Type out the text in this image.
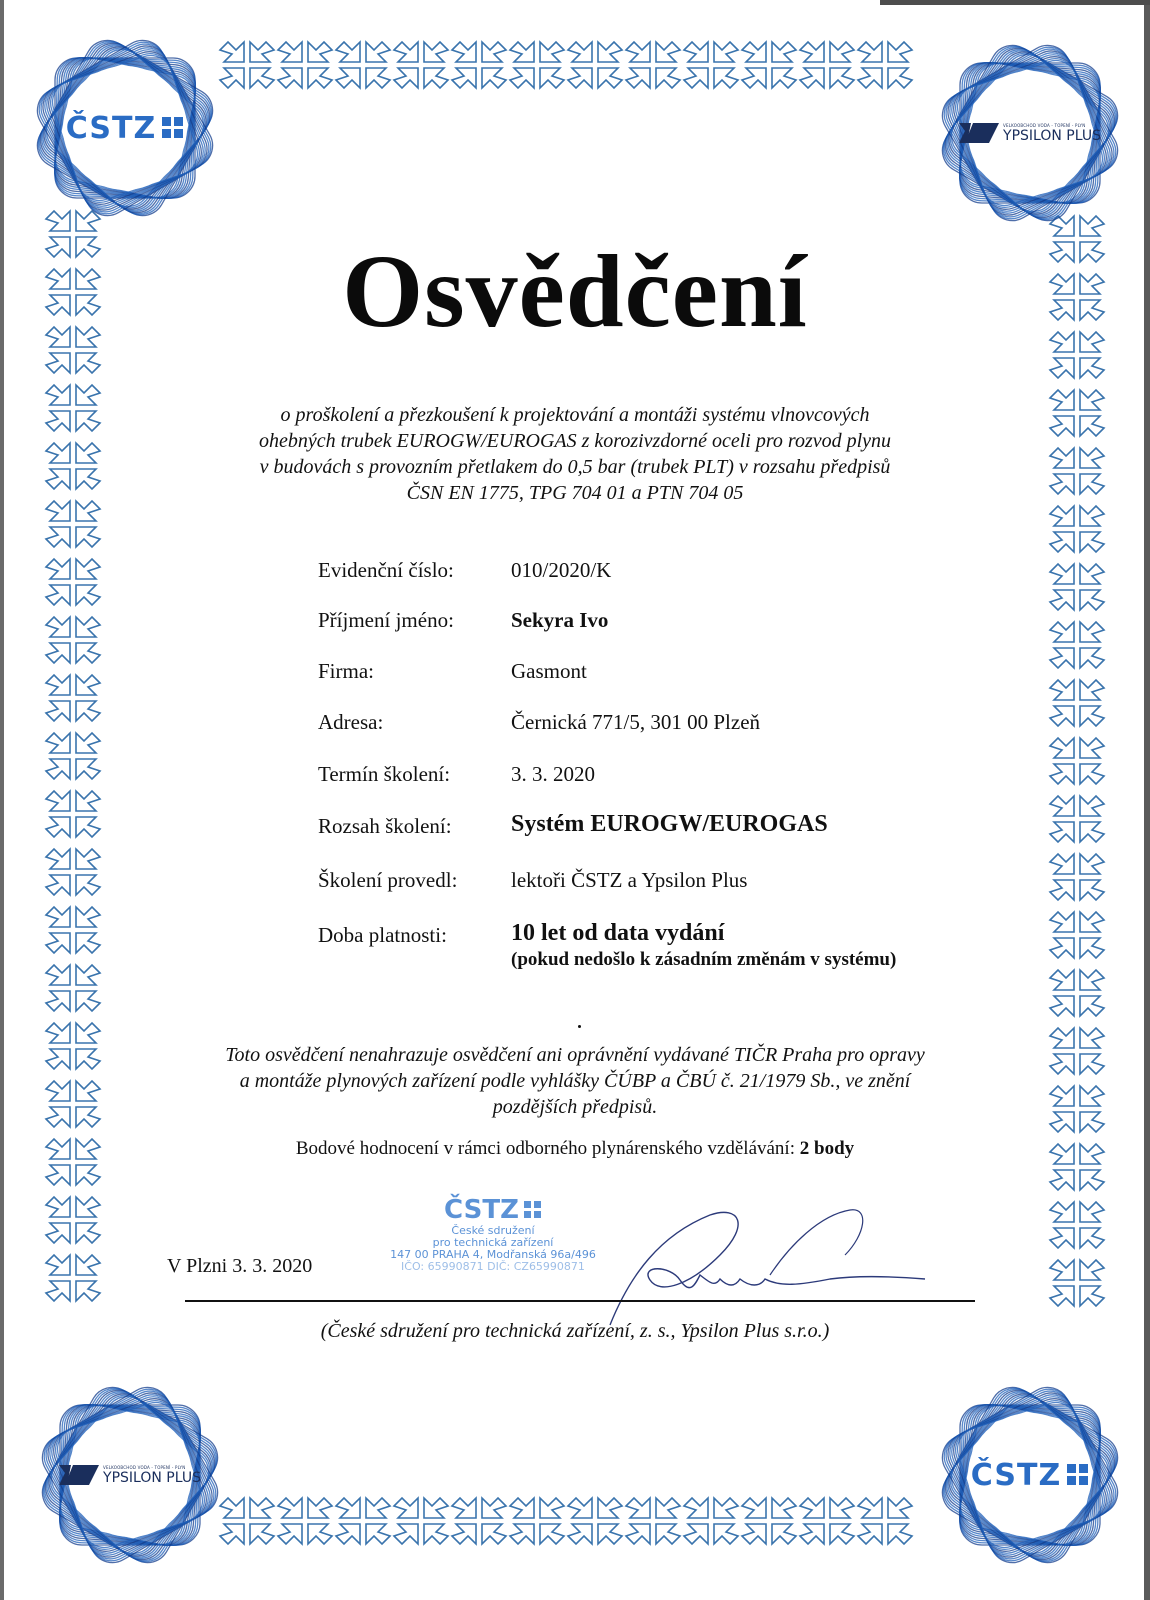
ČSTZ	VELKOOBCHOD VODA - TOPENÍ - PLYN
YPSILON PLUS
VELKOOBCHOD VODA - TOPENÍ - PLYN
YPSILON PLUS	ČSTZ
Osvědčení
o proškolení a přezkoušení k projektování a montáži systému vlnovcových
ohebných trubek EUROGW/EUROGAS z korozivzdorné oceli pro rozvod plynu
v budovách s provozním přetlakem do 0,5 bar (trubek PLT) v rozsahu předpisů
ČSN EN 1775, TPG 704 01 a PTN 704 05
Evidenční číslo:	010/2020/K
Příjmení jméno:	Sekyra Ivo
Firma:	Gasmont
Adresa:	Černická 771/5, 301 00 Plzeň
Termín školení:	3. 3. 2020
Rozsah školení: Systém EUROGW/EUROGAS
Školení provedl:	lektoři ČSTZ a Ypsilon Plus
Doba platnosti:	10 let od data vydání
(pokud nedošlo k zásadním změnám v systému)
Toto osvědčení nenahrazuje osvědčení ani oprávnění vydávané TIČR Praha pro opravy
a montáže plynových zařízení podle vyhlášky ČÚBP a ČBÚ č. 21/1979 Sb., ve znění
pozdějších předpisů.
Bodové hodnocení v rámci odborného plynárenského vzdělávání: 2 body
V Plzni 3. 3. 2020
ČSTZ
České sdružení
pro technická zařízení
147 00 PRAHA 4, Modřanská 96a/496
IČO: 65990871 DIČ: CZ65990871
(České sdružení pro technická zařízení, z. s., Ypsilon Plus s.r.o.)
